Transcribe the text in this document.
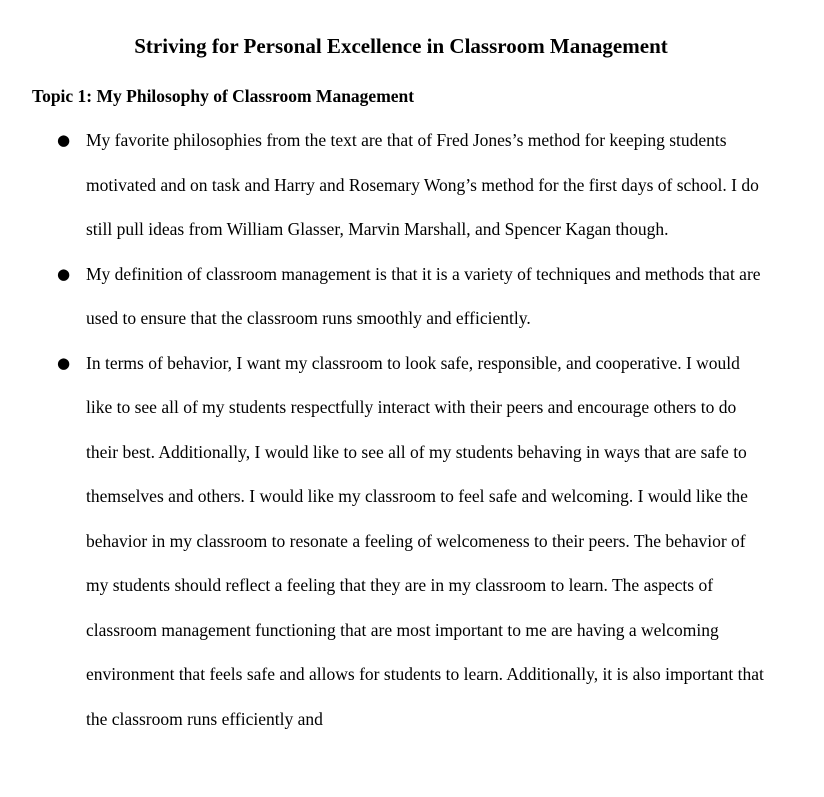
Striving for Personal Excellence in Classroom Management
Topic 1: My Philosophy of Classroom Management
● My favorite philosophies from the text are that of Fred Jones’s method for keeping students motivated and on task and Harry and Rosemary Wong’s method for the first days of school. I do still pull ideas from William Glasser, Marvin Marshall, and Spencer Kagan though.
● My definition of classroom management is that it is a variety of techniques and methods that are used to ensure that the classroom runs smoothly and efficiently.
● In terms of behavior, I want my classroom to look safe, responsible, and cooperative. I would like to see all of my students respectfully interact with their peers and encourage others to do their best. Additionally, I would like to see all of my students behaving in ways that are safe to themselves and others. I would like my classroom to feel safe and welcoming. I would like the behavior in my classroom to resonate a feeling of welcomeness to their peers. The behavior of my students should reflect a feeling that they are in my classroom to learn. The aspects of classroom management functioning that are most important to me are having a welcoming environment that feels safe and allows for students to learn. Additionally, it is also important that the classroom runs efficiently and
